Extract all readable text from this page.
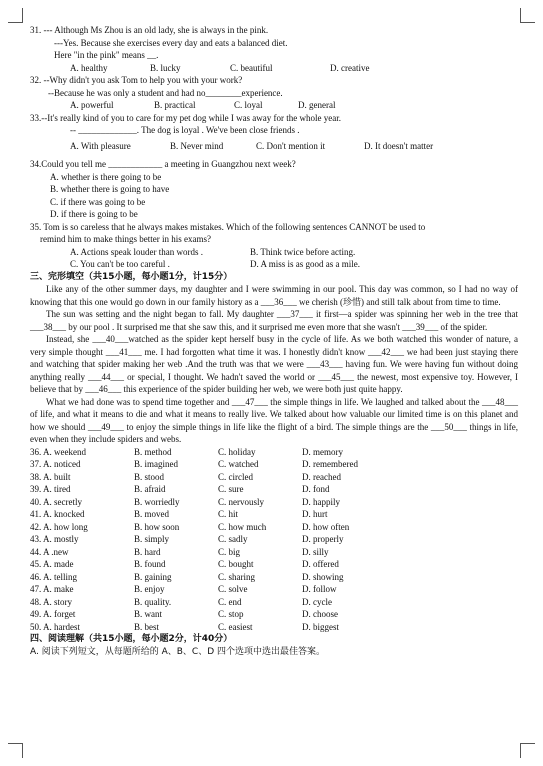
31. --- Although Ms Zhou is an old lady, she is always in the pink.
---Yes. Because she exercises every day and eats a balanced diet.
Here "in the pink" means __.
A. healthy	B. lucky	C. beautiful	D. creative
32. --Why didn't you ask Tom to help you with your work?
--Because he was only a student and had no________experience.
A. powerful	B. practical	C. loyal	D. general
33.--It's really kind of you to care for my pet dog while I was away for the whole year.
-- _____________. The dog is loyal . We've been close friends .
A. With pleasure	B. Never mind	C. Don't mention it	D. It doesn't matter
34.Could you tell me ____________ a meeting in Guangzhou next week?
A. whether is there going to be
B. whether there is going to have
C. if there was going to be
D. if there is going to be
35. Tom is so careless that he always makes mistakes. Which of the following sentences CANNOT be used to
remind him to make things better in his exams?
A. Actions speak louder than words .	B. Think twice before acting.
C. You can't be too careful .	D. A miss is as good as a mile.
三、完形填空（共15小题，每小题1分，计15分）
Like any of the other summer days, my daughter and I were swimming in our pool. This day was common, so I had no way of knowing that this one would go down in our family history as a ___36___ we cherish (珍惜) and still talk about from time to time.
The sun was setting and the night began to fall. My daughter ___37___ it first—a spider was spinning her web in the tree that ___38___ by our pool . It surprised me that she saw this, and it surprised me even more that she wasn't ___39___ of the spider.
Instead, she ___40___watched as the spider kept herself busy in the cycle of life. As we both watched this wonder of nature, a very simple thought ___41___ me. I had forgotten what time it was. I honestly didn't know ___42___ we had been just staying there and watching that spider making her web .And the truth was that we were ___43___ having fun. We were having fun without doing anything really ___44___ or special, I thought. We hadn't saved the world or ___45___ the newest, most expensive toy. However, I believe that by ___46___ this experience of the spider building her web, we were both just quite happy.
What we had done was to spend time together and ___47___ the simple things in life. We laughed and talked about the ___48___ of life, and what it means to die and what it means to really live. We talked about how valuable our limited time is on this planet and how we should ___49___ to enjoy the simple things in life like the flight of a bird. The simple things are the ___50___ things in life, even when they include spiders and webs.
36. A. weekend	B. method	C. holiday	D. memory
37. A. noticed	B. imagined	C. watched	D. remembered
38. A. built	B. stood	C. circled	D. reached
39. A. tired	B. afraid	C. sure	D. fond
40. A. secretly	B. worriedly	C. nervously	D. happily
41. A. knocked	B. moved	C. hit	D. hurt
42. A. how long	B. how soon	C. how much	D. how often
43. A. mostly	B. simply	C. sadly	D. properly
44. A .new	B. hard	C. big	D. silly
45. A. made	B. found	C. bought	D. offered
46. A. telling	B. gaining	C. sharing	D. showing
47. A. make	B. enjoy	C. solve	D. follow
48. A. story	B. quality.	C. end	D. cycle
49. A. forget	B. want	C. stop	D. choose
50. A. hardest	B. best	C. easiest	D. biggest
四、阅读理解（共15小题，每小题2分，计40分）
A. 阅读下列短文，从每题所给的 A、B、C、D 四个选项中选出最佳答案。
